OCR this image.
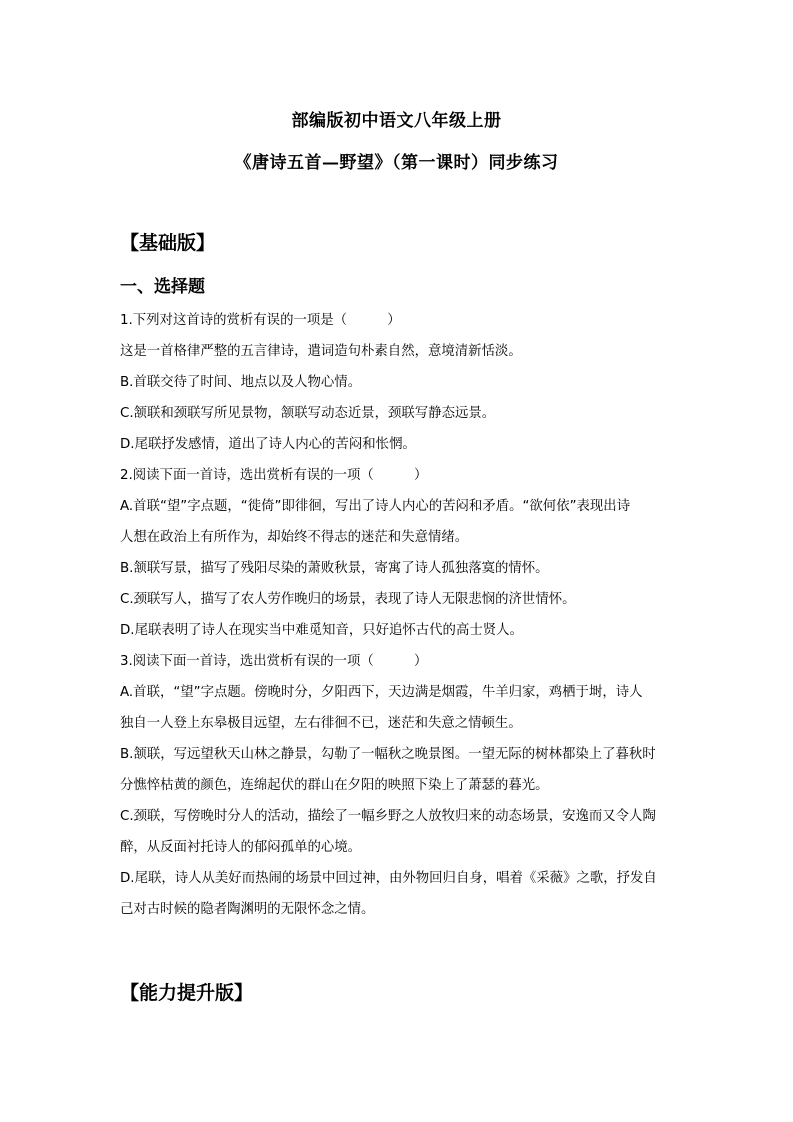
部编版初中语文八年级上册
《唐诗五首—野望》（第一课时）同步练习
【基础版】
一、选择题
1.下列对这首诗的赏析有误的一项是（　　　）
这是一首格律严整的五言律诗，遣词造句朴素自然，意境清新恬淡。
B.首联交待了时间、地点以及人物心情。
C.颔联和颈联写所见景物，颔联写动态近景，颈联写静态远景。
D.尾联抒发感情，道出了诗人内心的苦闷和怅惘。
2.阅读下面一首诗，选出赏析有误的一项（　　　）
A.首联“望”字点题，“徙倚”即徘徊，写出了诗人内心的苦闷和矛盾。“欲何依”表现出诗
人想在政治上有所作为，却始终不得志的迷茫和失意情绪。
B.颔联写景，描写了残阳尽染的萧败秋景，寄寓了诗人孤独落寞的情怀。
C.颈联写人，描写了农人劳作晚归的场景，表现了诗人无限悲悯的济世情怀。
D.尾联表明了诗人在现实当中难觅知音，只好追怀古代的高士贤人。
3.阅读下面一首诗，选出赏析有误的一项（　　　）
A.首联，“望”字点题。傍晚时分，夕阳西下，天边满是烟霞，牛羊归家，鸡栖于埘，诗人
独自一人登上东皋极目远望，左右徘徊不已，迷茫和失意之情顿生。
B.颔联，写远望秋天山林之静景，勾勒了一幅秋之晚景图。一望无际的树林都染上了暮秋时
分憔悴枯黄的颜色，连绵起伏的群山在夕阳的映照下染上了萧瑟的暮光。
C.颈联，写傍晚时分人的活动，描绘了一幅乡野之人放牧归来的动态场景，安逸而又令人陶
醉，从反面衬托诗人的郁闷孤单的心境。
D.尾联，诗人从美好而热闹的场景中回过神，由外物回归自身，唱着《采薇》之歌，抒发自
己对古时候的隐者陶渊明的无限怀念之情。
【能力提升版】
